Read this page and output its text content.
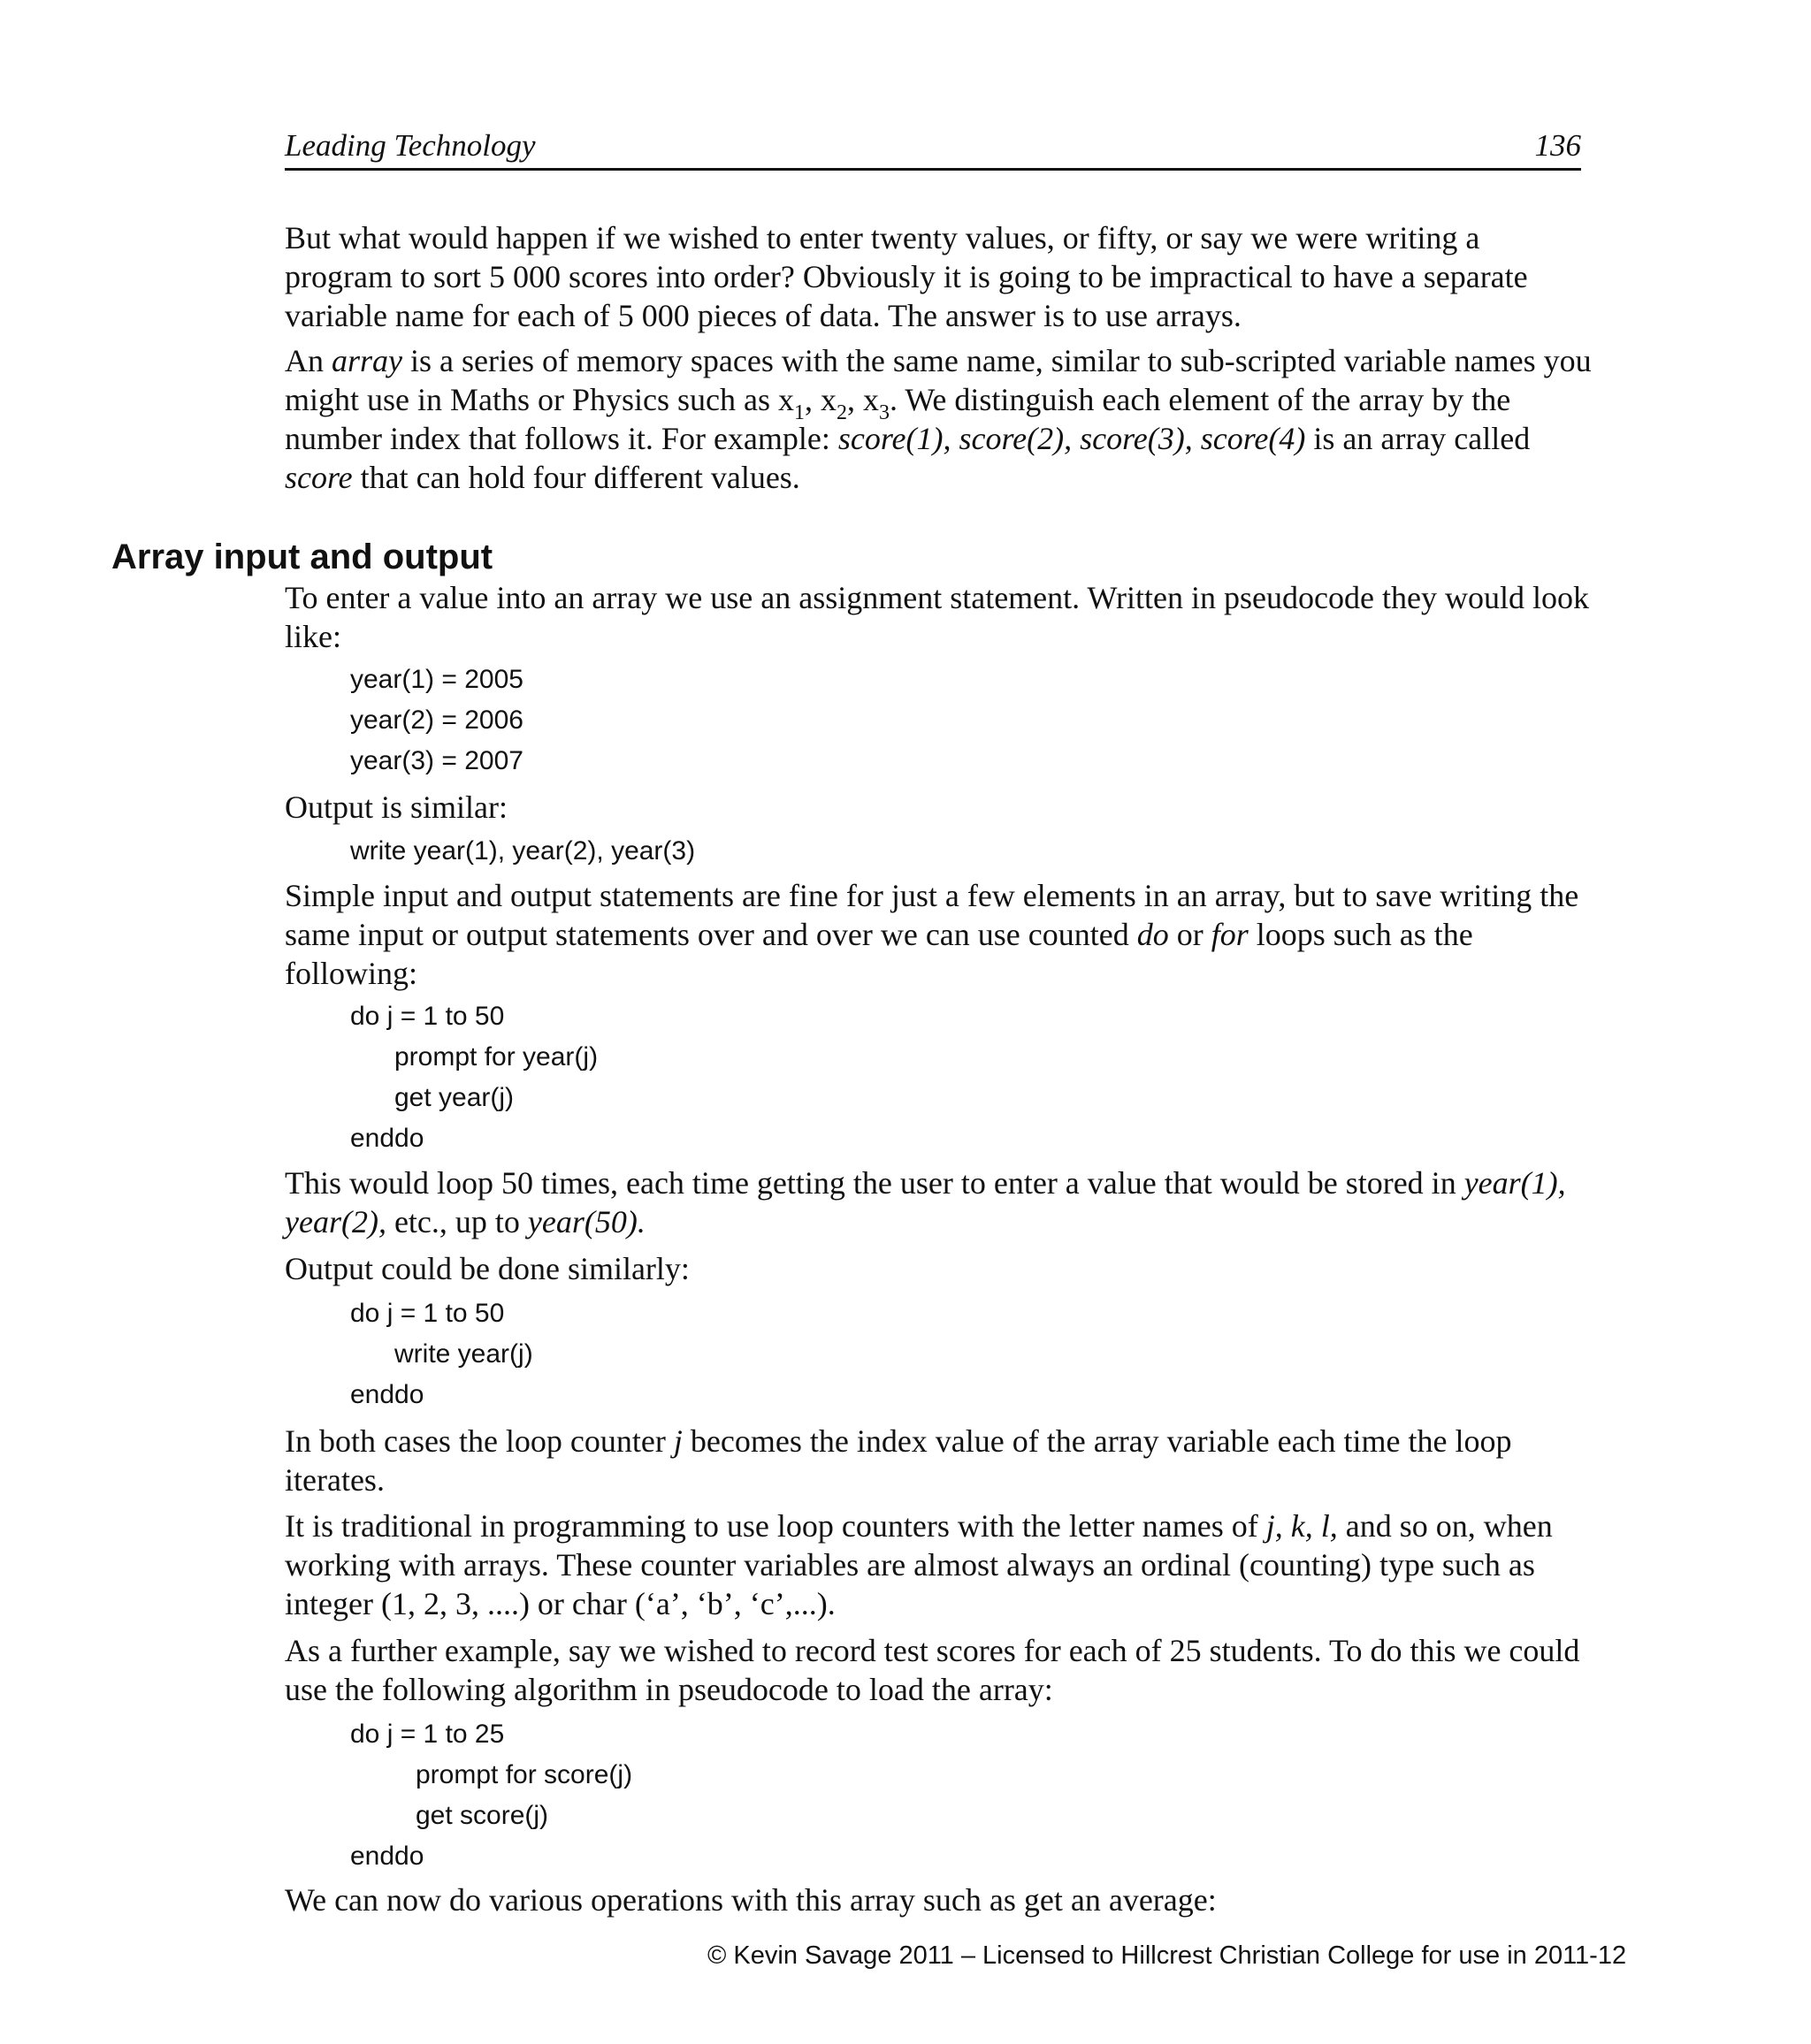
Leading Technology	136

But what would happen if we wished to enter twenty values, or fifty, or say we were writing a program to sort 5 000 scores into order? Obviously it is going to be impractical to have a separate variable name for each of 5 000 pieces of data. The answer is to use arrays.

An array is a series of memory spaces with the same name, similar to sub-scripted variable names you might use in Maths or Physics such as $x_1$, $x_2$, $x_3$. We distinguish each element of the array by the number index that follows it. For example: score(1), score(2), score(3), score(4) is an array called score that can hold four different values.

Array input and output

To enter a value into an array we use an assignment statement. Written in pseudocode they would look like:

year(1) = 2005
year(2) = 2006
year(3) = 2007

Output is similar:

write year(1), year(2), year(3)

Simple input and output statements are fine for just a few elements in an array, but to save writing the same input or output statements over and over we can use counted do or for loops such as the following:

do j = 1 to 50
prompt for year(j)
get year(j)
enddo

This would loop 50 times, each time getting the user to enter a value that would be stored in year(1), year(2), etc., up to year(50).

Output could be done similarly:

do j = 1 to 50
write year(j)
enddo

In both cases the loop counter j becomes the index value of the array variable each time the loop iterates.

It is traditional in programming to use loop counters with the letter names of j, k, l, and so on, when working with arrays. These counter variables are almost always an ordinal (counting) type such as integer (1, 2, 3, ....) or char (‘a’, ‘b’, ‘c’,...).

As a further example, say we wished to record test scores for each of 25 students. To do this we could use the following algorithm in pseudocode to load the array:

do j = 1 to 25
prompt for score(j)
get score(j)
enddo

We can now do various operations with this array such as get an average:

© Kevin Savage 2011 – Licensed to Hillcrest Christian College for use in 2011-12
